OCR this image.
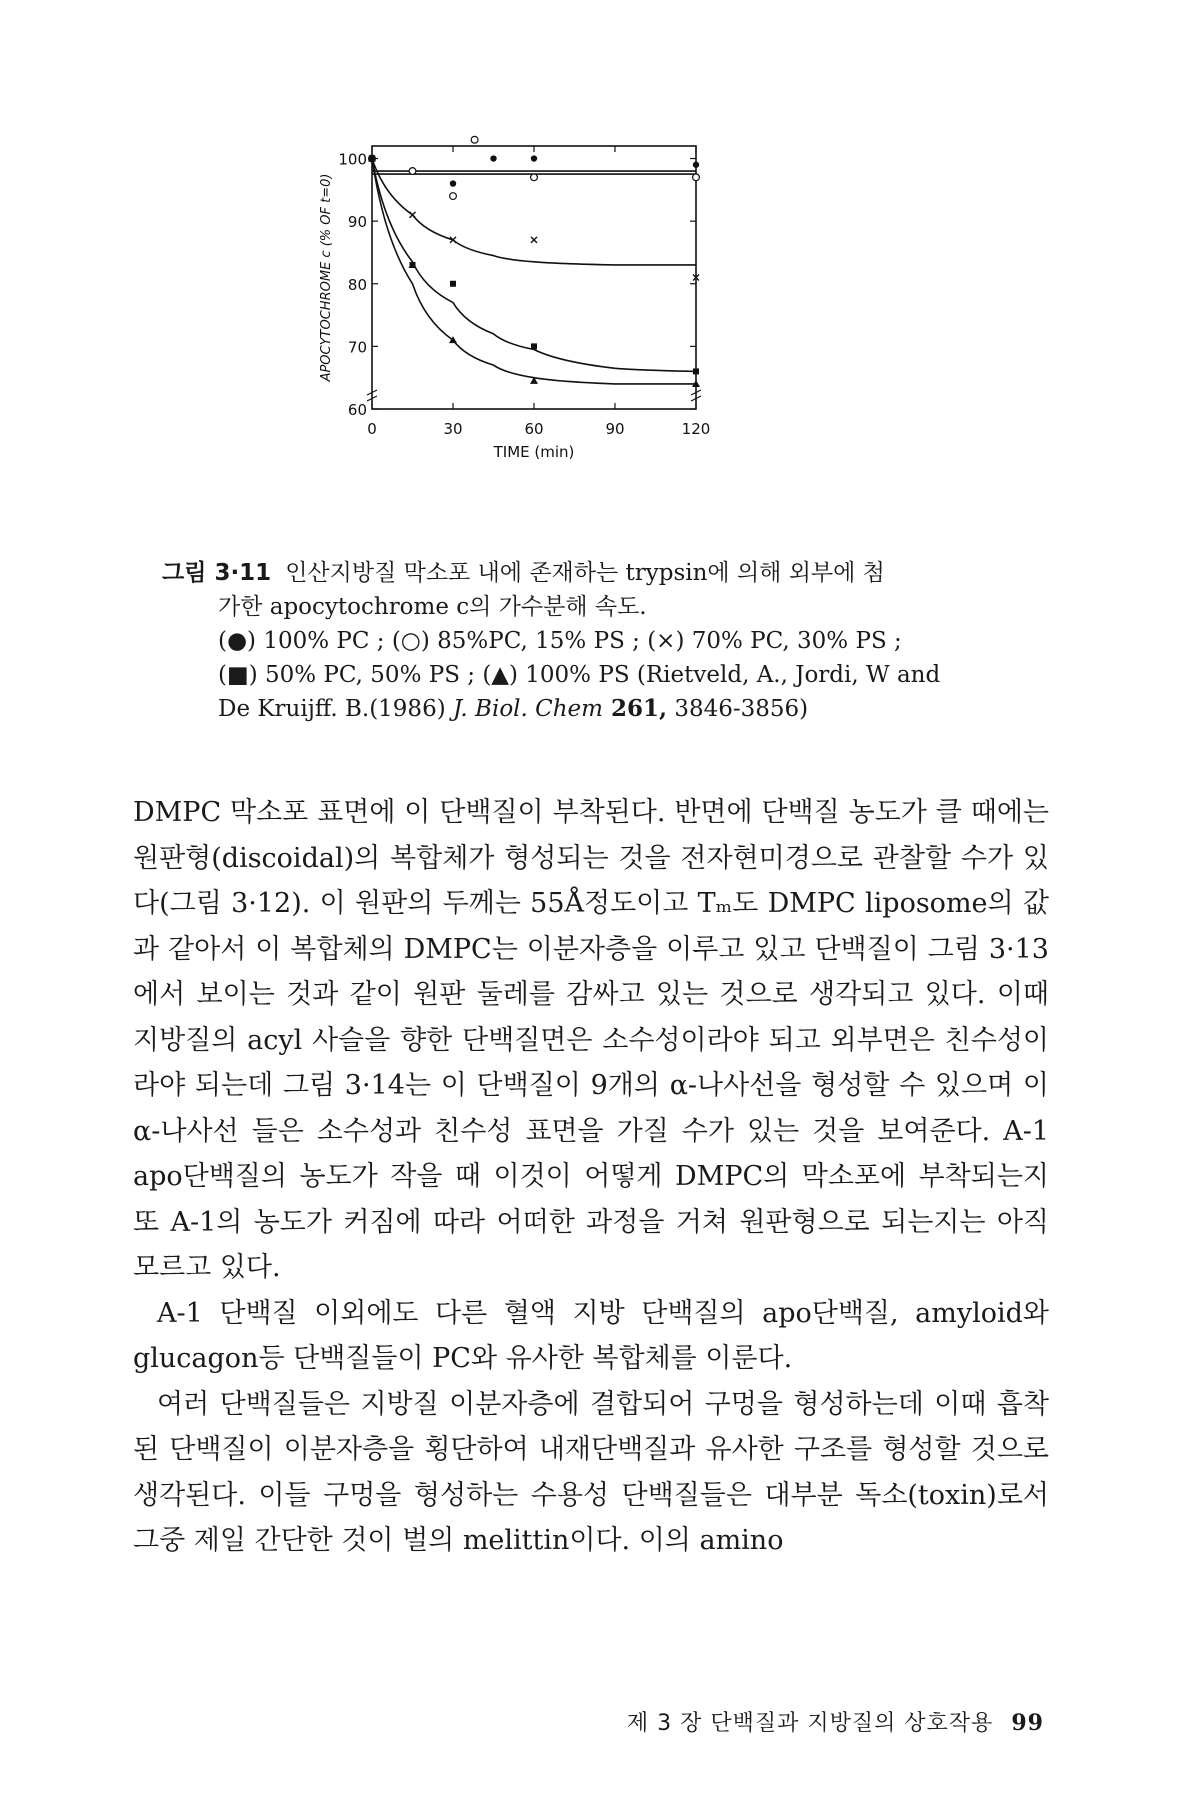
60
70
80
90
100
0	30	60	90	120
TIME (min)
APOCYTOCHROME c (% OF t=0)
그림 3·11 인산지방질 막소포 내에 존재하는 trypsin에 의해 외부에 첨
가한 apocytochrome c의 가수분해 속도.
(●) 100% PC ; (○) 85%PC, 15% PS ; (×) 70% PC, 30% PS ;
(■) 50% PC, 50% PS ; (▲) 100% PS (Rietveld, A., Jordi, W and
De Kruijff. B.(1986) J. Biol. Chem 261, 3846-3856)

DMPC 막소포 표면에 이 단백질이 부착된다. 반면에 단백질 농도가 클 때에는 원판형(discoidal)의 복합체가 형성되는 것을 전자현미경으로 관찰할 수가 있다(그림 3·12). 이 원판의 두께는 55Å정도이고 Tₘ도 DMPC liposome의 값과 같아서 이 복합체의 DMPC는 이분자층을 이루고 있고 단백질이 그림 3·13에서 보이는 것과 같이 원판 둘레를 감싸고 있는 것으로 생각되고 있다. 이때 지방질의 acyl 사슬을 향한 단백질면은 소수성이라야 되고 외부면은 친수성이라야 되는데 그림 3·14는 이 단백질이 9개의 α-나사선을 형성할 수 있으며 이 α-나사선 들은 소수성과 친수성 표면을 가질 수가 있는 것을 보여준다. A-1 apo단백질의 농도가 작을 때 이것이 어떻게 DMPC의 막소포에 부착되는지 또 A-1의 농도가 커짐에 따라 어떠한 과정을 거쳐 원판형으로 되는지는 아직 모르고 있다.

A-1 단백질 이외에도 다른 혈액 지방 단백질의 apo단백질, amyloid와 glucagon등 단백질들이 PC와 유사한 복합체를 이룬다.

여러 단백질들은 지방질 이분자층에 결합되어 구멍을 형성하는데 이때 흡착된 단백질이 이분자층을 횡단하여 내재단백질과 유사한 구조를 형성할 것으로 생각된다. 이들 구멍을 형성하는 수용성 단백질들은 대부분 독소(toxin)로서 그중 제일 간단한 것이 벌의 melittin이다. 이의 amino

제 3 장 단백질과 지방질의 상호작용 99
